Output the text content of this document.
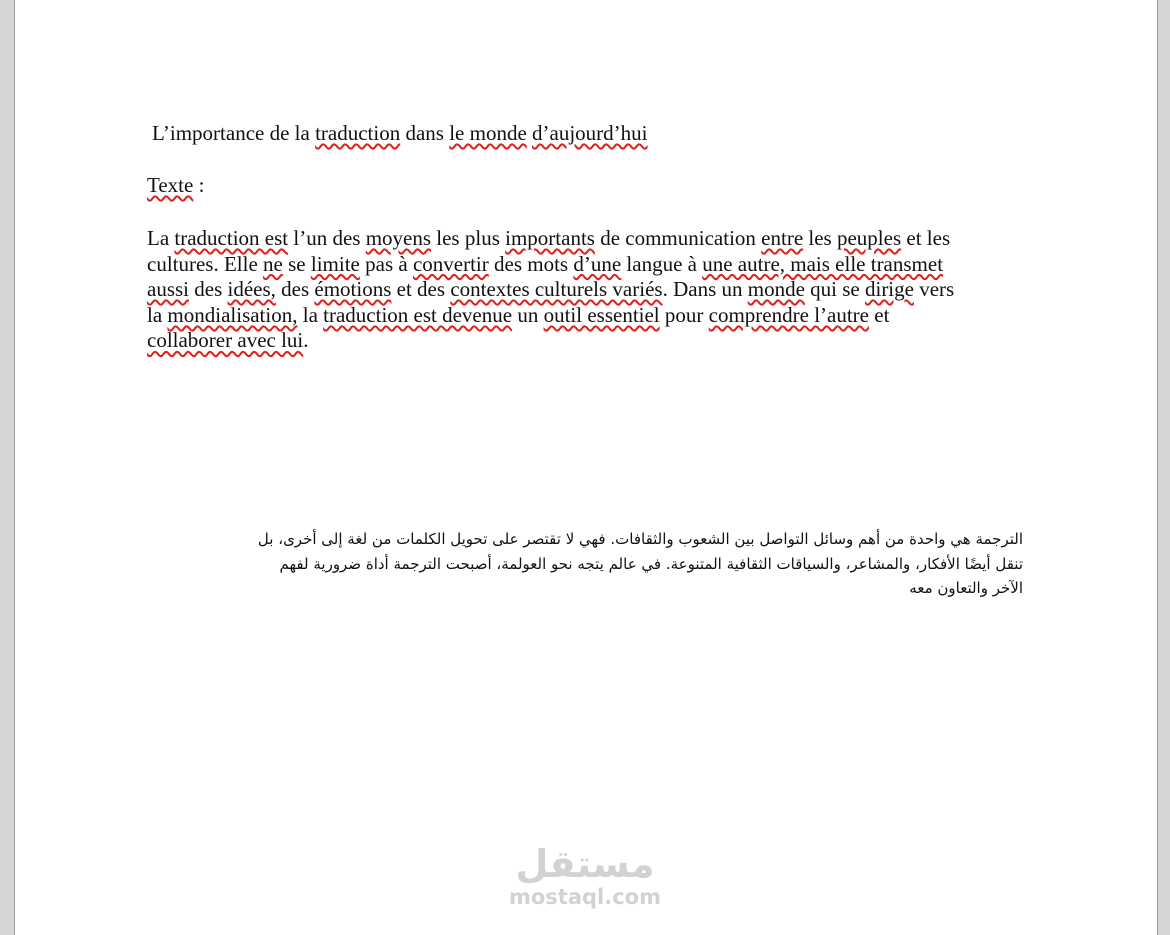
L’importance de la traduction dans le monde d’aujourd’hui
Texte :
La traduction est l’un des moyens les plus importants de communication entre les peuples et les
cultures. Elle ne se limite pas à convertir des mots d’une langue à une autre, mais elle transmet
aussi des idées, des émotions et des contextes culturels variés. Dans un monde qui se dirige vers
la mondialisation, la traduction est devenue un outil essentiel pour comprendre l’autre et
collaborer avec lui.
الترجمة هي واحدة من أهم وسائل التواصل بين الشعوب والثقافات. فهي لا تقتصر على تحويل الكلمات من لغة إلى أخرى، بل
تنقل أيضًا الأفكار، والمشاعر، والسياقات الثقافية المتنوعة. في عالم يتجه نحو العولمة، أصبحت الترجمة أداة ضرورية لفهم
الآخر والتعاون معه
مستقل
mostaql.com
